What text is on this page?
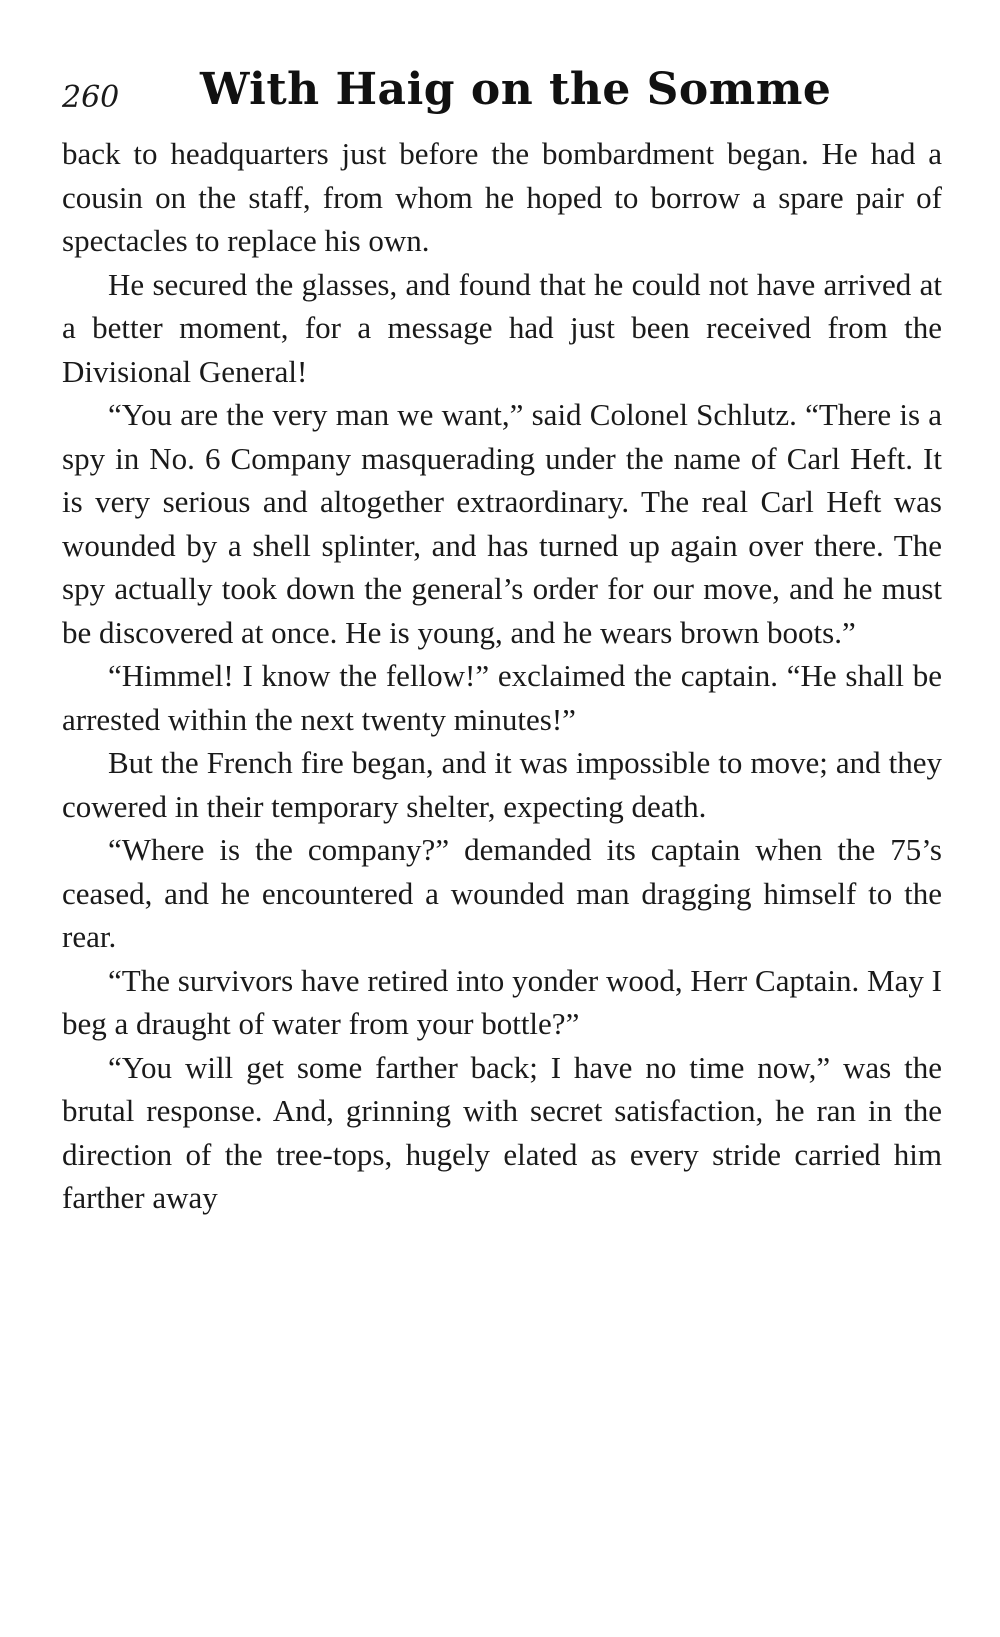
260 With Haig on the Somme

back to headquarters just before the bombardment began. He had a cousin on the staff, from whom he hoped to borrow a spare pair of spectacles to replace his own.

He secured the glasses, and found that he could not have arrived at a better moment, for a message had just been received from the Divisional General!

“You are the very man we want,” said Colonel Schlutz. “There is a spy in No. 6 Company masquerading under the name of Carl Heft. It is very serious and altogether extraordinary. The real Carl Heft was wounded by a shell splinter, and has turned up again over there. The spy actually took down the general’s order for our move, and he must be discovered at once. He is young, and he wears brown boots.”

“Himmel! I know the fellow!” exclaimed the captain. “He shall be arrested within the next twenty minutes!”

But the French fire began, and it was impossible to move; and they cowered in their temporary shelter, expecting death.

“Where is the company?” demanded its captain when the 75’s ceased, and he encountered a wounded man dragging himself to the rear.

“The survivors have retired into yonder wood, Herr Captain. May I beg a draught of water from your bottle?”

“You will get some farther back; I have no time now,” was the brutal response. And, grinning with secret satisfaction, he ran in the direction of the tree-tops, hugely elated as every stride carried him farther away
